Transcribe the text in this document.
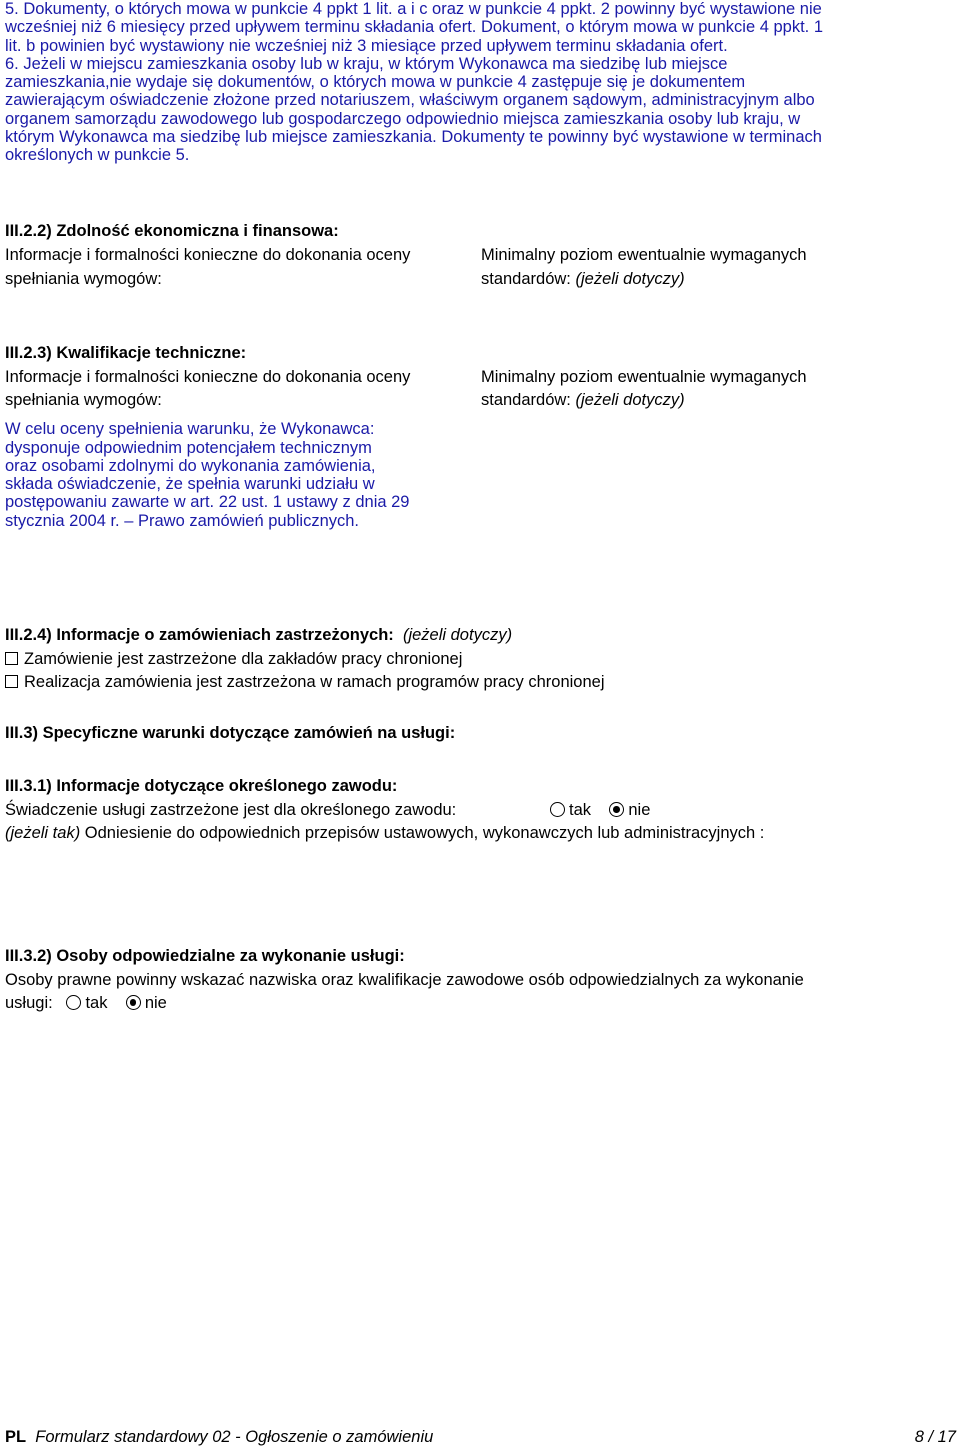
5. Dokumenty, o których mowa w punkcie 4 ppkt 1 lit. a i c oraz w punkcie 4 ppkt. 2 powinny być wystawione nie
wcześniej niż 6 miesięcy przed upływem terminu składania ofert. Dokument, o którym mowa w punkcie 4 ppkt. 1
lit. b powinien być wystawiony nie wcześniej niż 3 miesiące przed upływem terminu składania ofert.
6. Jeżeli w miejscu zamieszkania osoby lub w kraju, w którym Wykonawca ma siedzibę lub miejsce
zamieszkania,nie wydaje się dokumentów, o których mowa w punkcie 4 zastępuje się je dokumentem
zawierającym oświadczenie złożone przed notariuszem, właściwym organem sądowym, administracyjnym albo
organem samorządu zawodowego lub gospodarczego odpowiednio miejsca zamieszkania osoby lub kraju, w
którym Wykonawca ma siedzibę lub miejsce zamieszkania. Dokumenty te powinny być wystawione w terminach
określonych w punkcie 5.
III.2.2) Zdolność ekonomiczna i finansowa:
Informacje i formalności konieczne do dokonania oceny
spełniania wymogów:
Minimalny poziom ewentualnie wymaganych
standardów: (jeżeli dotyczy)
III.2.3) Kwalifikacje techniczne:
Informacje i formalności konieczne do dokonania oceny
spełniania wymogów:
Minimalny poziom ewentualnie wymaganych
standardów: (jeżeli dotyczy)
W celu oceny spełnienia warunku, że Wykonawca:
dysponuje odpowiednim potencjałem technicznym
oraz osobami zdolnymi do wykonania zamówienia,
składa oświadczenie, że spełnia warunki udziału w
postępowaniu zawarte w art. 22 ust. 1 ustawy z dnia 29
stycznia 2004 r. – Prawo zamówień publicznych.
III.2.4) Informacje o zamówieniach zastrzeżonych: (jeżeli dotyczy)
Zamówienie jest zastrzeżone dla zakładów pracy chronionej
Realizacja zamówienia jest zastrzeżona w ramach programów pracy chronionej
III.3) Specyficzne warunki dotyczące zamówień na usługi:
III.3.1) Informacje dotyczące określonego zawodu:
Świadczenie usługi zastrzeżone jest dla określonego zawodu:	tak nie
(jeżeli tak) Odniesienie do odpowiednich przepisów ustawowych, wykonawczych lub administracyjnych :
III.3.2) Osoby odpowiedzialne za wykonanie usługi:
Osoby prawne powinny wskazać nazwiska oraz kwalifikacje zawodowe osób odpowiedzialnych za wykonanie
usługi: tak nie
PL Formularz standardowy 02 - Ogłoszenie o zamówieniu	8 / 17
